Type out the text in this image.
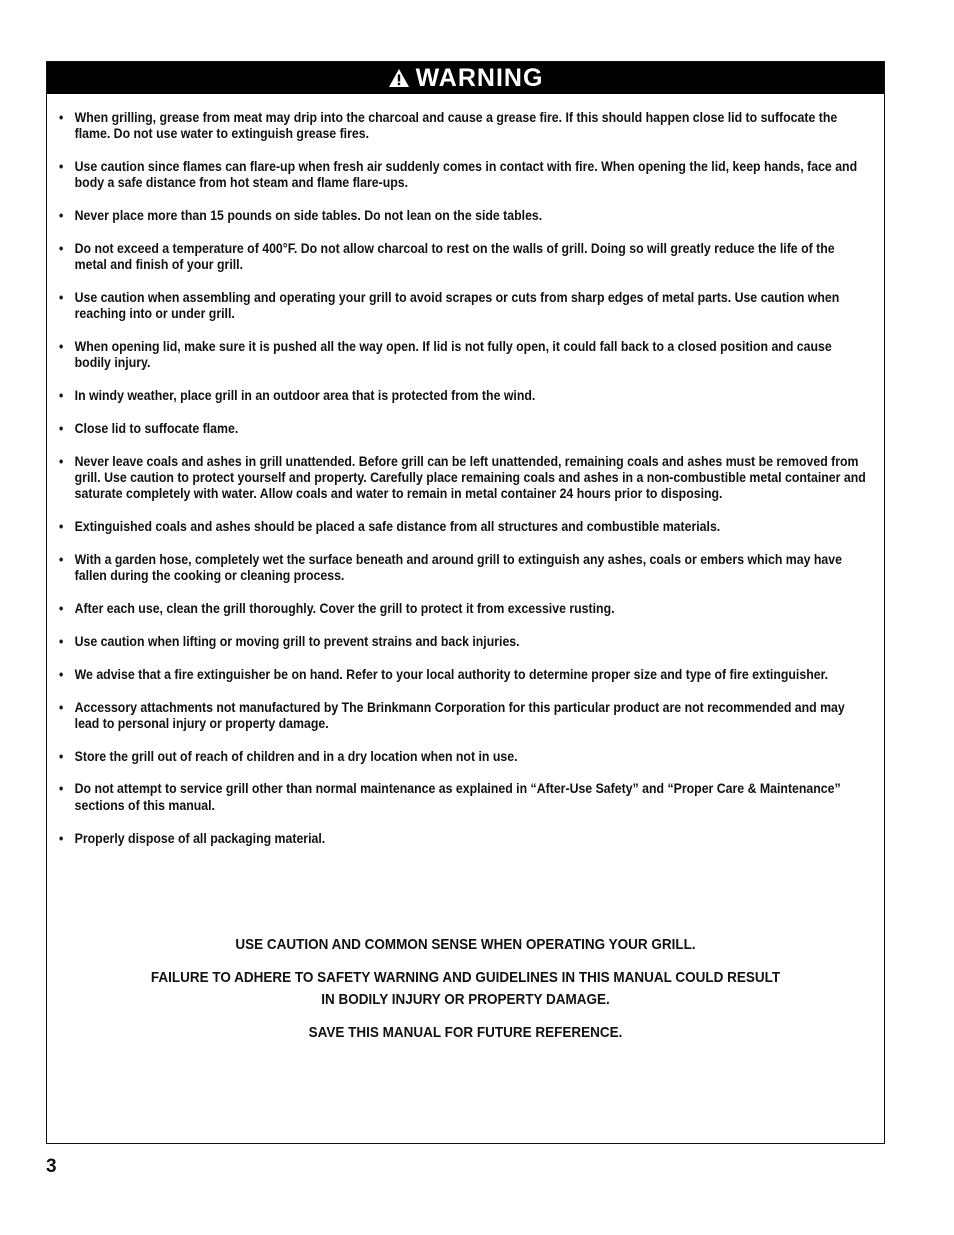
WARNING
• When grilling, grease from meat may drip into the charcoal and cause a grease fire. If this should happen close lid to suffocate the flame. Do not use water to extinguish grease fires.
• Use caution since flames can flare-up when fresh air suddenly comes in contact with fire. When opening the lid, keep hands, face and body a safe distance from hot steam and flame flare-ups.
• Never place more than 15 pounds on side tables. Do not lean on the side tables.
• Do not exceed a temperature of 400°F. Do not allow charcoal to rest on the walls of grill. Doing so will greatly reduce the life of the metal and finish of your grill.
• Use caution when assembling and operating your grill to avoid scrapes or cuts from sharp edges of metal parts. Use caution when reaching into or under grill.
• When opening lid, make sure it is pushed all the way open. If lid is not fully open, it could fall back to a closed position and cause bodily injury.
• In windy weather, place grill in an outdoor area that is protected from the wind.
• Close lid to suffocate flame.
• Never leave coals and ashes in grill unattended. Before grill can be left unattended, remaining coals and ashes must be removed from grill. Use caution to protect yourself and property. Carefully place remaining coals and ashes in a non-combustible metal container and saturate completely with water. Allow coals and water to remain in metal container 24 hours prior to disposing.
• Extinguished coals and ashes should be placed a safe distance from all structures and combustible materials.
• With a garden hose, completely wet the surface beneath and around grill to extinguish any ashes, coals or embers which may have fallen during the cooking or cleaning process.
• After each use, clean the grill thoroughly. Cover the grill to protect it from excessive rusting.
• Use caution when lifting or moving grill to prevent strains and back injuries.
• We advise that a fire extinguisher be on hand. Refer to your local authority to determine proper size and type of fire extinguisher.
• Accessory attachments not manufactured by The Brinkmann Corporation for this particular product are not recommended and may lead to personal injury or property damage.
• Store the grill out of reach of children and in a dry location when not in use.
• Do not attempt to service grill other than normal maintenance as explained in “After-Use Safety” and “Proper Care & Maintenance” sections of this manual.
• Properly dispose of all packaging material.

USE CAUTION AND COMMON SENSE WHEN OPERATING YOUR GRILL.

FAILURE TO ADHERE TO SAFETY WARNING AND GUIDELINES IN THIS MANUAL COULD RESULT
IN BODILY INJURY OR PROPERTY DAMAGE.

SAVE THIS MANUAL FOR FUTURE REFERENCE.

3
